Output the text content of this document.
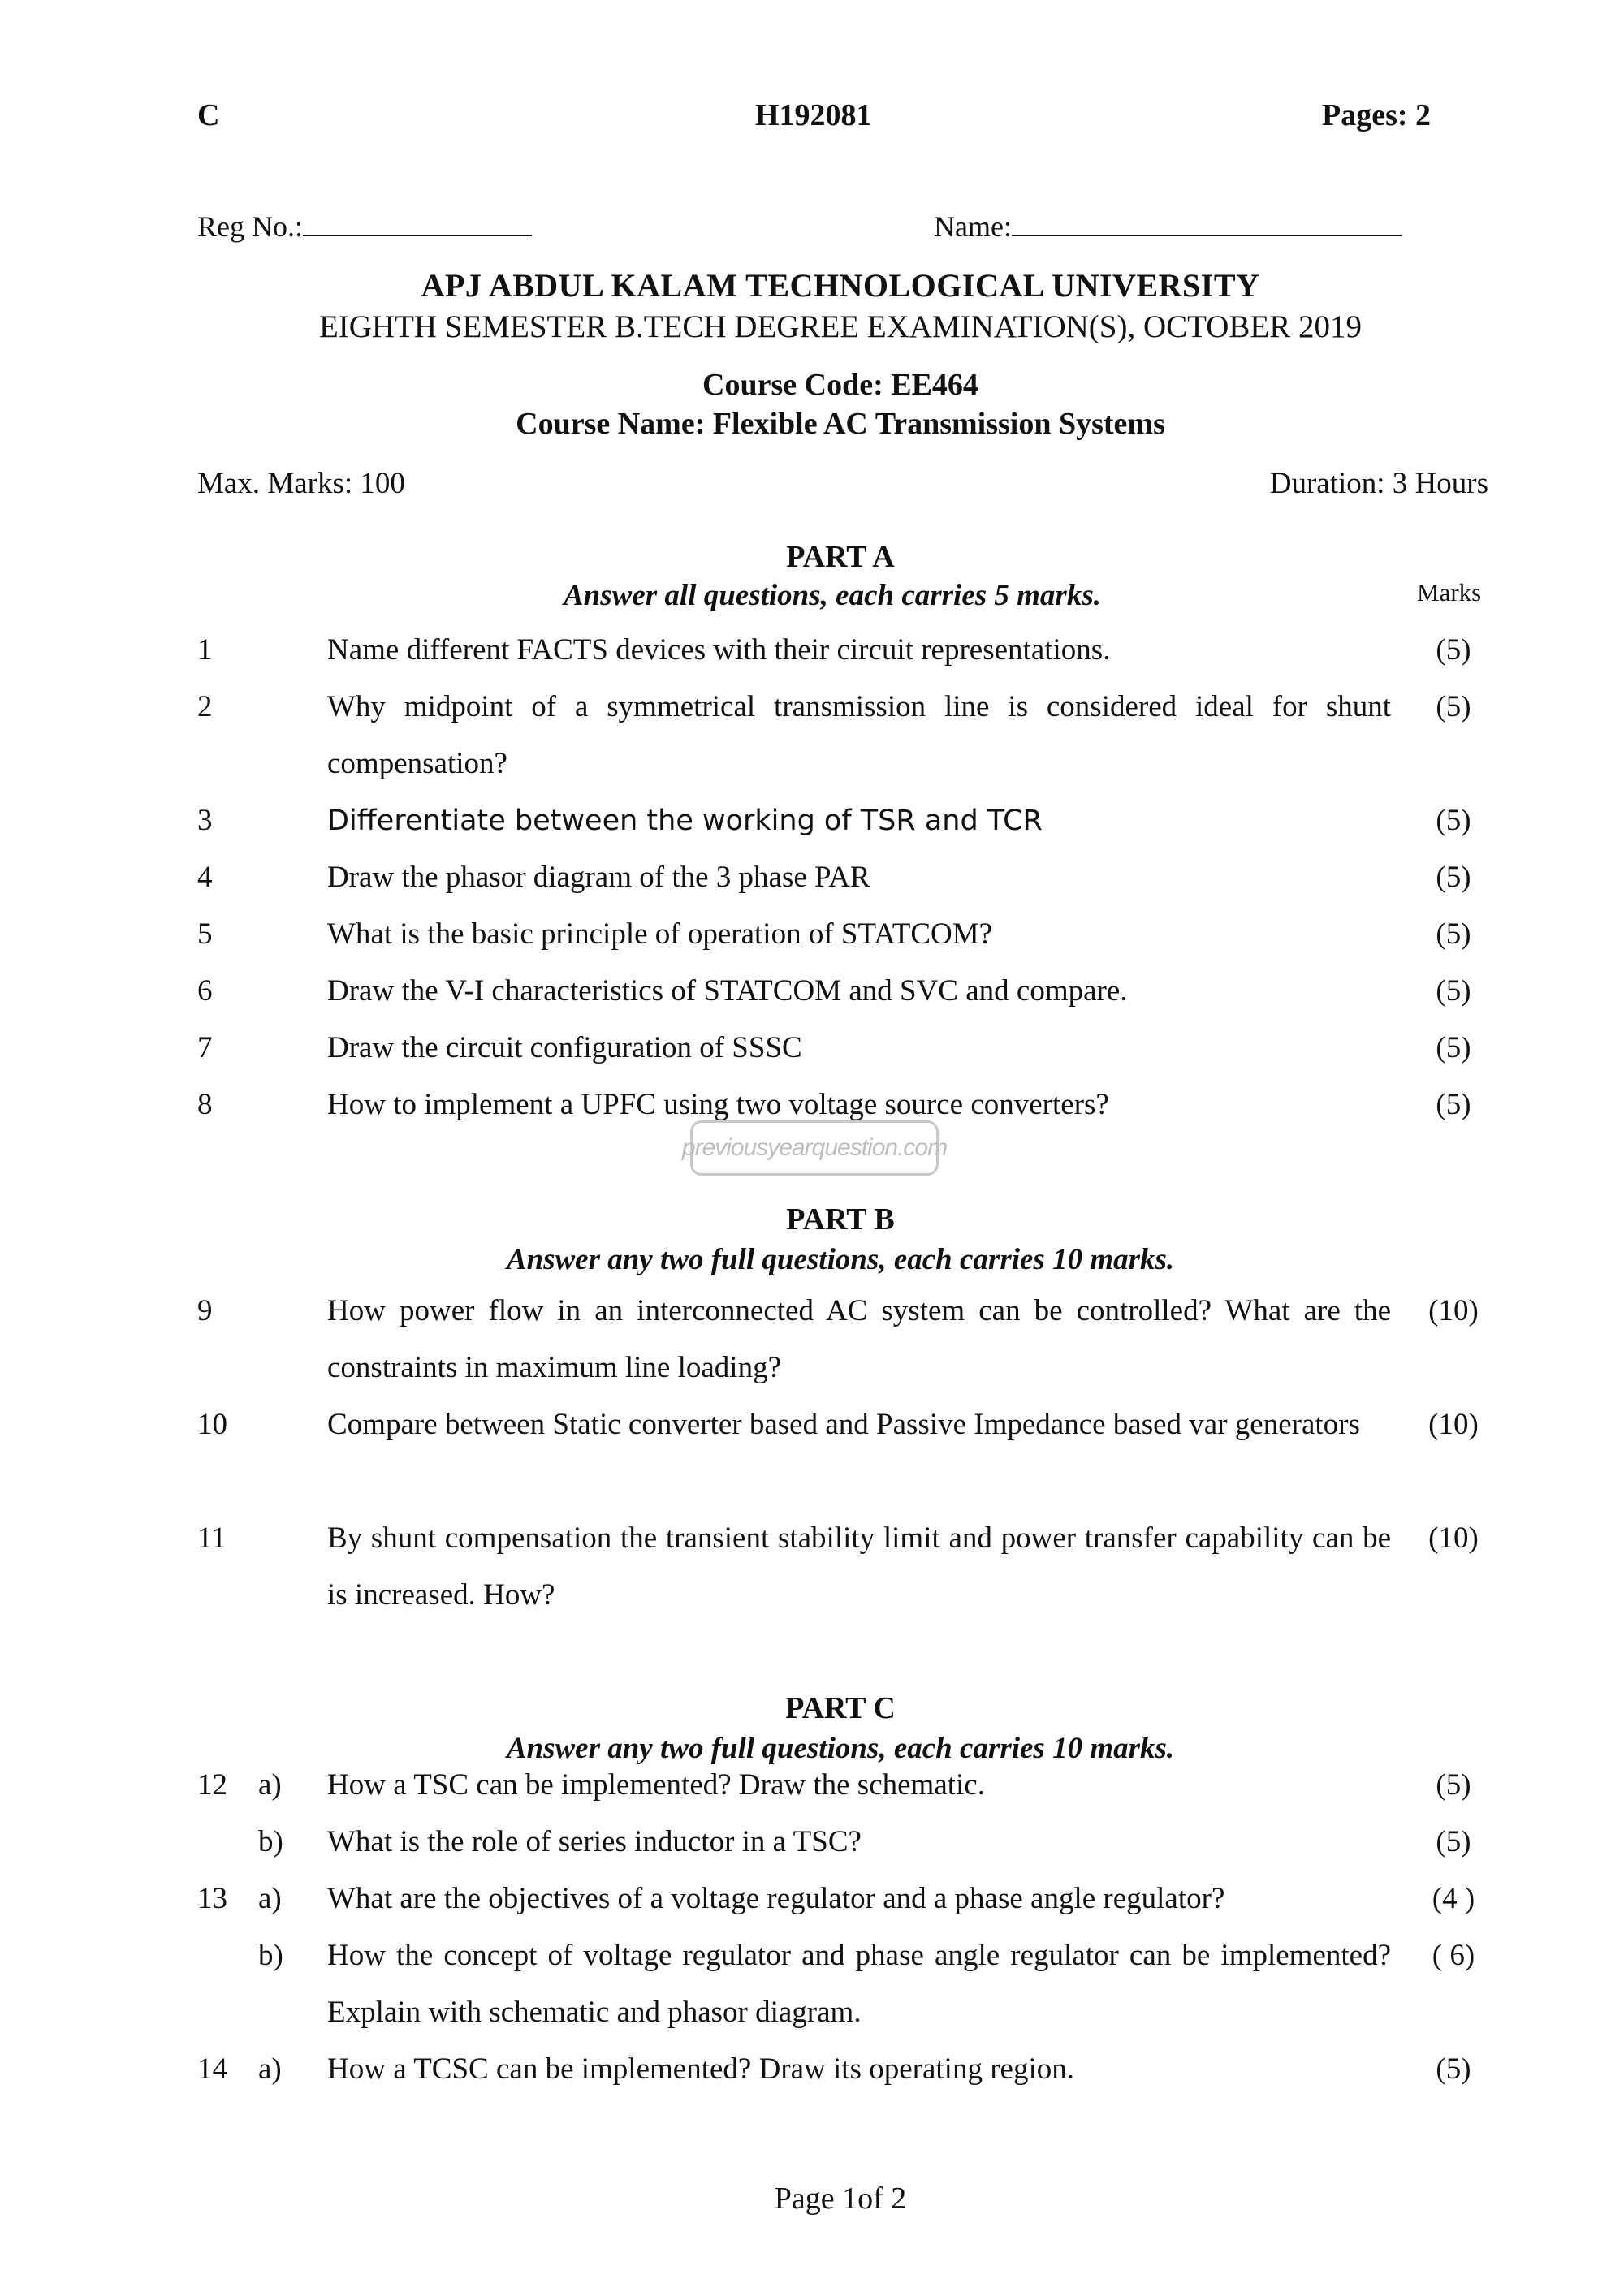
C	H192081	Pages: 2
Reg No.:	Name:
APJ ABDUL KALAM TECHNOLOGICAL UNIVERSITY
EIGHTH SEMESTER B.TECH DEGREE EXAMINATION(S), OCTOBER 2019
Course Code: EE464
Course Name: Flexible AC Transmission Systems
Max. Marks: 100	Duration: 3 Hours
PART A
Answer all questions, each carries 5 marks.	Marks
1	Name different FACTS devices with their circuit representations.	(5)
2	Why midpoint of a symmetrical transmission line is considered ideal for shunt compensation?
(5)
3	Differentiate between the working of TSR and TCR	(5)
4	Draw the phasor diagram of the 3 phase PAR	(5)
5	What is the basic principle of operation of STATCOM?	(5)
6	Draw the V-I characteristics of STATCOM and SVC and compare.	(5)
7	Draw the circuit configuration of SSSC	(5)
8	How to implement a UPFC using two voltage source converters?	(5)
previousyearquestion.com
PART B
Answer any two full questions, each carries 10 marks.
9	How power flow in an interconnected AC system can be controlled? What are the constraints in maximum line loading?
(10)
10	Compare between Static converter based and Passive Impedance based var generators	(10)
11	By shunt compensation the transient stability limit and power transfer capability can be is increased. How?
(10)
PART C
Answer any two full questions, each carries 10 marks.
12 a) How a TSC can be implemented? Draw the schematic.	(5)
b) What is the role of series inductor in a TSC?	(5)
13 a) What are the objectives of a voltage regulator and a phase angle regulator?	(4 )
b) How the concept of voltage regulator and phase angle regulator can be implemented? Explain with schematic and phasor diagram.
( 6)
14 a) How a TCSC can be implemented? Draw its operating region.	(5)
Page 1of 2
